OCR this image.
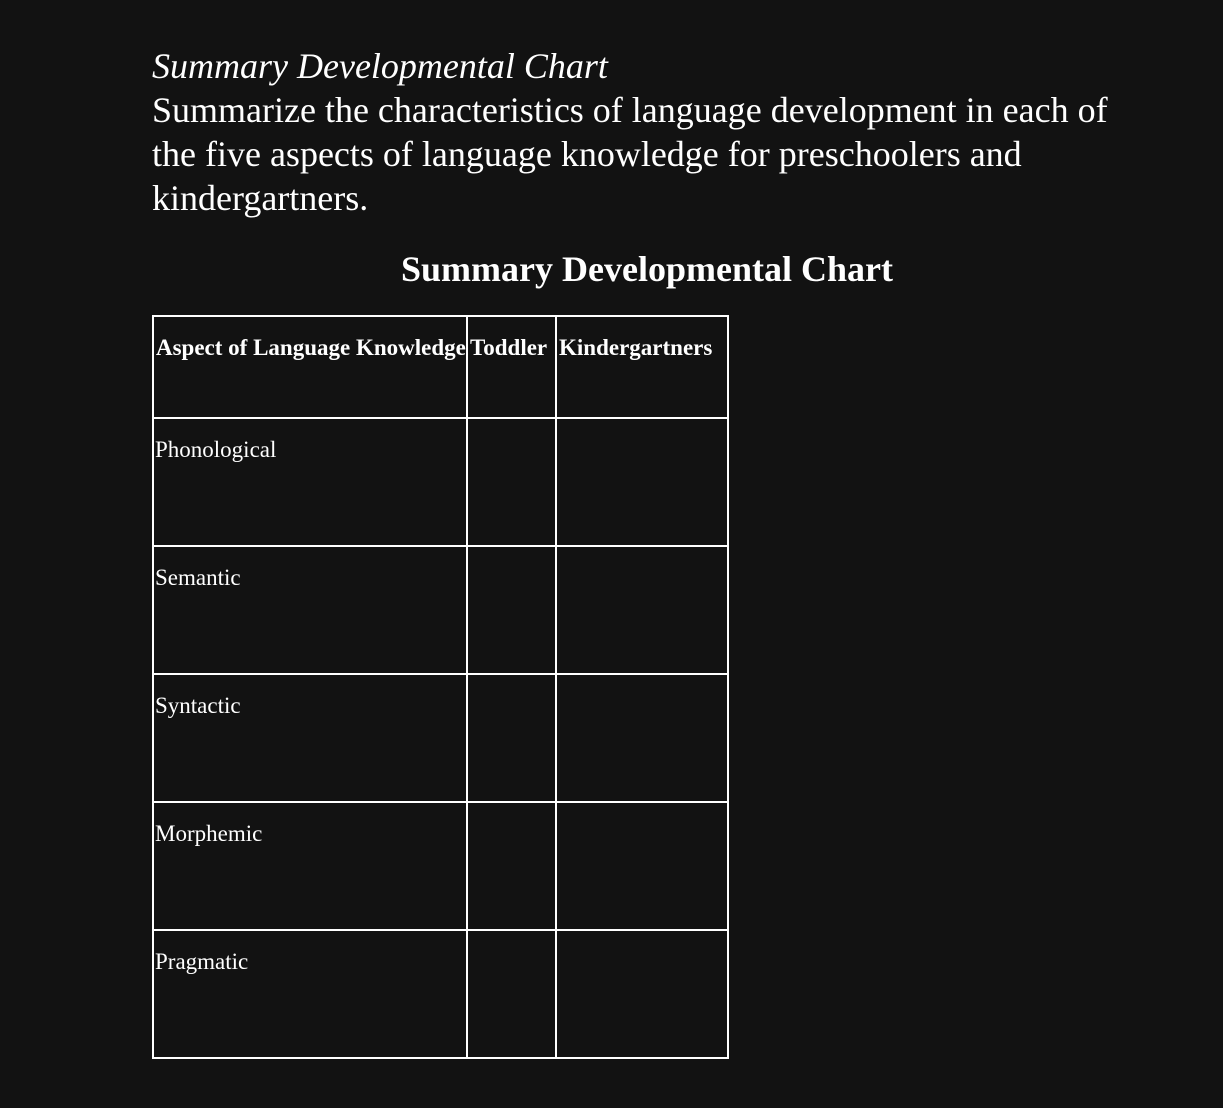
Summary Developmental Chart

Summarize the characteristics of language development in each of the five aspects of language knowledge for preschoolers and kindergartners.

Summary Developmental Chart
Aspect of Language Knowledge	Toddler	Kindergartners
Phonological		
Semantic		
Syntactic		
Morphemic		
Pragmatic		
